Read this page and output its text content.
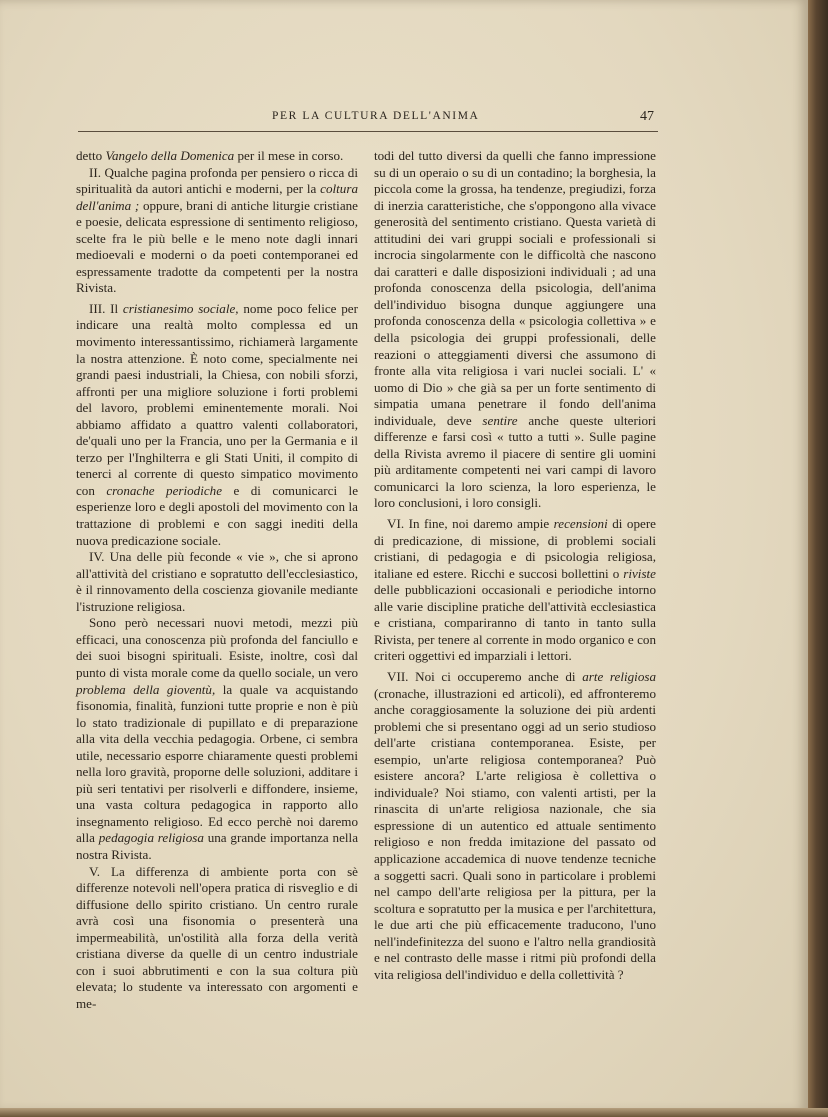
PER LA CULTURA DELL'ANIMA	47

detto Vangelo della Domenica per il mese in corso.

II. Qualche pagina profonda per pensiero o ricca di spiritualità da autori antichi e moderni, per la coltura dell'anima ; oppure, brani di antiche liturgie cristiane e poesie, delicata espressione di sentimento religioso, scelte fra le più belle e le meno note dagli innari medioevali e moderni o da poeti contemporanei ed espressamente tradotte da competenti per la nostra Rivista.

III. Il cristianesimo sociale, nome poco felice per indicare una realtà molto complessa ed un movimento interessantissimo, richiamerà largamente la nostra attenzione. È noto come, specialmente nei grandi paesi industriali, la Chiesa, con nobili sforzi, affronti per una migliore soluzione i forti problemi del lavoro, problemi eminentemente morali. Noi abbiamo affidato a quattro valenti collaboratori, de'quali uno per la Francia, uno per la Germania e il terzo per l'Inghilterra e gli Stati Uniti, il compito di tenerci al corrente di questo simpatico movimento con cronache periodiche e di comunicarci le esperienze loro e degli apostoli del movimento con la trattazione di problemi e con saggi inediti della nuova predicazione sociale.

IV. Una delle più feconde « vie », che si aprono all'attività del cristiano e sopratutto dell'ecclesiastico, è il rinnovamento della coscienza giovanile mediante l'istruzione religiosa.

Sono però necessari nuovi metodi, mezzi più efficaci, una conoscenza più profonda del fanciullo e dei suoi bisogni spirituali. Esiste, inoltre, così dal punto di vista morale come da quello sociale, un vero problema della gioventù, la quale va acquistando fisonomia, finalità, funzioni tutte proprie e non è più lo stato tradizionale di pupillato e di preparazione alla vita della vecchia pedagogia. Orbene, ci sembra utile, necessario esporre chiaramente questi problemi nella loro gravità, proporne delle soluzioni, additare i più seri tentativi per risolverli e diffondere, insieme, una vasta coltura pedagogica in rapporto allo insegnamento religioso. Ed ecco perchè noi daremo alla pedagogia religiosa una grande importanza nella nostra Rivista.

V. La differenza di ambiente porta con sè differenze notevoli nell'opera pratica di risveglio e di diffusione dello spirito cristiano. Un centro rurale avrà così una fisonomia o presenterà una impermeabilità, un'ostilità alla forza della verità cristiana diverse da quelle di un centro industriale con i suoi abbrutimenti e con la sua coltura più elevata; lo studente va interessato con argomenti e me-

todi del tutto diversi da quelli che fanno impressione su di un operaio o su di un contadino; la borghesia, la piccola come la grossa, ha tendenze, pregiudizi, forza di inerzia caratteristiche, che s'oppongono alla vivace generosità del sentimento cristiano. Questa varietà di attitudini dei vari gruppi sociali e professionali si incrocia singolarmente con le difficoltà che nascono dai caratteri e dalle disposizioni individuali ; ad una profonda conoscenza della psicologia, dell'anima dell'individuo bisogna dunque aggiungere una profonda conoscenza della « psicologia collettiva » e della psicologia dei gruppi professionali, delle reazioni o atteggiamenti diversi che assumono di fronte alla vita religiosa i vari nuclei sociali. L' « uomo di Dio » che già sa per un forte sentimento di simpatia umana penetrare il fondo dell'anima individuale, deve sentire anche queste ulteriori differenze e farsi così « tutto a tutti ». Sulle pagine della Rivista avremo il piacere di sentire gli uomini più arditamente competenti nei vari campi di lavoro comunicarci la loro scienza, la loro esperienza, le loro conclusioni, i loro consigli.

VI. In fine, noi daremo ampie recensioni di opere di predicazione, di missione, di problemi sociali cristiani, di pedagogia e di psicologia religiosa, italiane ed estere. Ricchi e succosi bollettini o riviste delle pubblicazioni occasionali e periodiche intorno alle varie discipline pratiche dell'attività ecclesiastica e cristiana, compariranno di tanto in tanto sulla Rivista, per tenere al corrente in modo organico e con criteri oggettivi ed imparziali i lettori.

VII. Noi ci occuperemo anche di arte religiosa (cronache, illustrazioni ed articoli), ed affronteremo anche coraggiosamente la soluzione dei più ardenti problemi che si presentano oggi ad un serio studioso dell'arte cristiana contemporanea. Esiste, per esempio, un'arte religiosa contemporanea? Può esistere ancora? L'arte religiosa è collettiva o individuale? Noi stiamo, con valenti artisti, per la rinascita di un'arte religiosa nazionale, che sia espressione di un autentico ed attuale sentimento religioso e non fredda imitazione del passato od applicazione accademica di nuove tendenze tecniche a soggetti sacri. Quali sono in particolare i problemi nel campo dell'arte religiosa per la pittura, per la scoltura e sopratutto per la musica e per l'architettura, le due arti che più efficacemente traducono, l'uno nell'indefinitezza del suono e l'altro nella grandiosità e nel contrasto delle masse i ritmi più profondi della vita religiosa dell'individuo e della collettività ?
